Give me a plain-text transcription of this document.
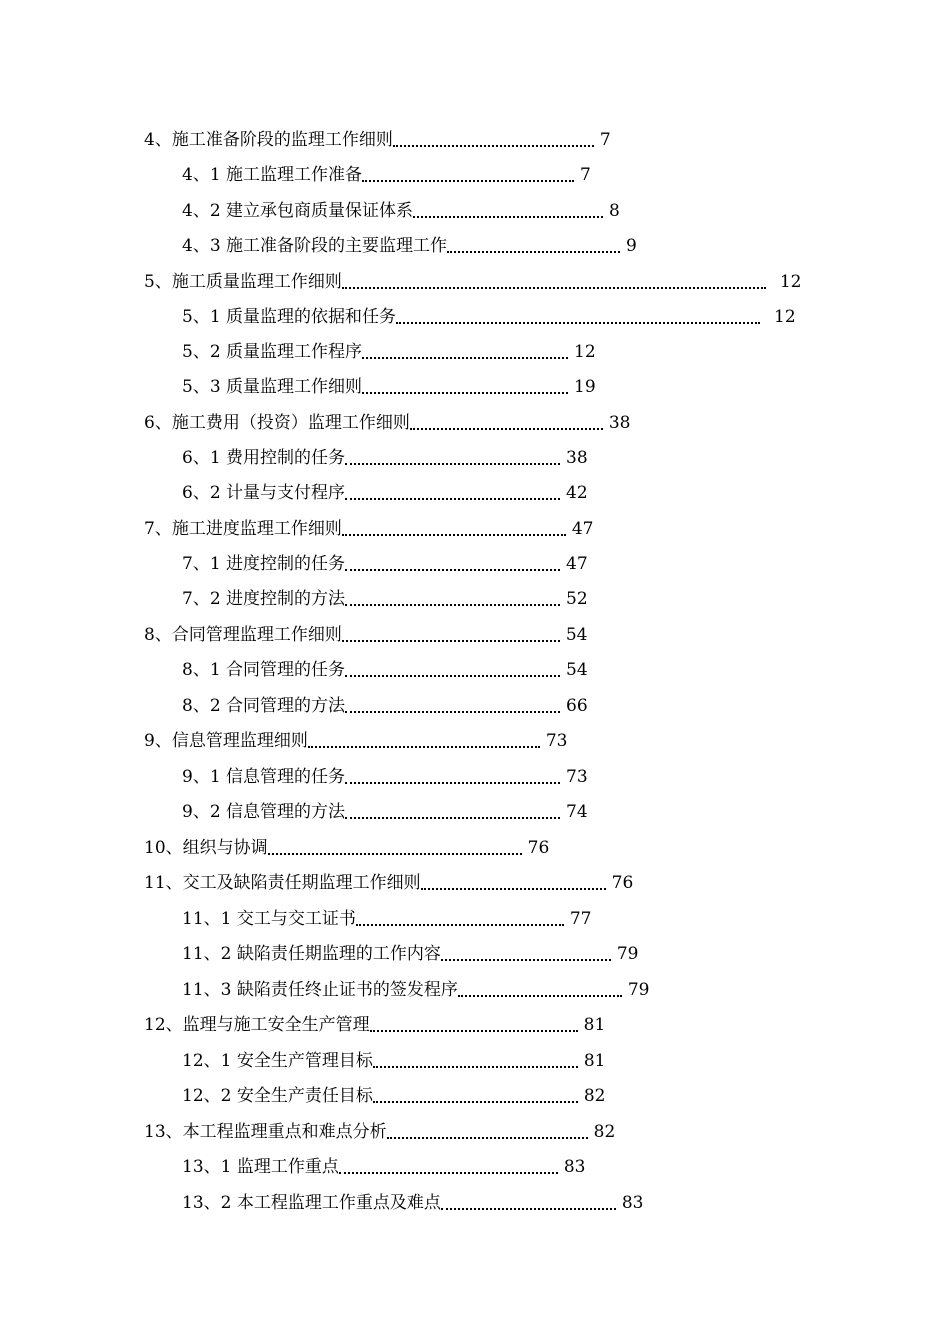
4、施工准备阶段的监理工作细则	7
4、1 施工监理工作准备	7
4、2 建立承包商质量保证体系	8
4、3 施工准备阶段的主要监理工作	9
5、施工质量监理工作细则	12
5、1 质量监理的依据和任务	12
5、2 质量监理工作程序	12
5、3 质量监理工作细则	19
6、施工费用（投资）监理工作细则	38
6、1 费用控制的任务	38
6、2 计量与支付程序	42
7、施工进度监理工作细则	47
7、1 进度控制的任务	47
7、2 进度控制的方法	52
8、合同管理监理工作细则	54
8、1 合同管理的任务	54
8、2 合同管理的方法	66
9、信息管理监理细则	73
9、1 信息管理的任务	73
9、2 信息管理的方法	74
10、组织与协调	76
11、交工及缺陷责任期监理工作细则	76
11、1 交工与交工证书	77
11、2 缺陷责任期监理的工作内容	79
11、3 缺陷责任终止证书的签发程序	79
12、监理与施工安全生产管理	81
12、1 安全生产管理目标	81
12、2 安全生产责任目标	82
13、本工程监理重点和难点分析	82
13、1 监理工作重点	83
13、2 本工程监理工作重点及难点	83
